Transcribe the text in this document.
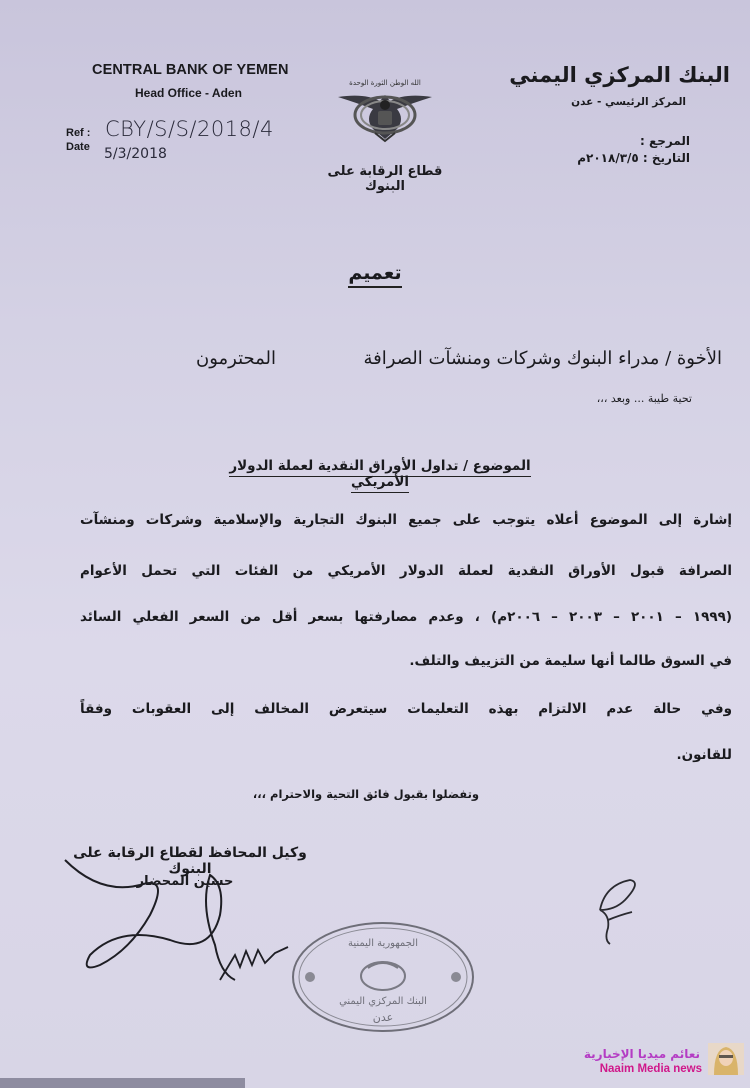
CENTRAL BANK OF YEMEN
Head Office - Aden
Ref :
Date
CBY/S/S/2018/4
5/3/2018
الله الوطن الثورة الوحدة
قطاع الرقابة على البنوك
البنك المركزي اليمني
المركز الرئيسي - عدن
المرجع :
التاريخ : ٢٠١٨/٣/٥م
تعميم
الأخوة / مدراء البنوك وشركات ومنشآت الصرافة
المحترمون
تحية طيبة ... وبعد ،،،
الموضوع / تداول الأوراق النقدية لعملة الدولار الأمريكي
إشارة إلى الموضوع أعلاه يتوجب على جميع البنوك التجارية والإسلامية وشركات ومنشآت
الصرافة قبول الأوراق النقدية لعملة الدولار الأمريكي من الفئات التي تحمل الأعوام
(١٩٩٩ – ٢٠٠١ – ٢٠٠٣ – ٢٠٠٦م) ، وعدم مصارفتها بسعر أقل من السعر الفعلي السائد
في السوق طالما أنها سليمة من التزييف والتلف.
وفي حالة عدم الالتزام بهذه التعليمات سيتعرض المخالف إلى العقوبات وفقاً
للقانون.
وتفضلوا بقبول فائق التحية والاحترام ،،،
وكيل المحافظ لقطاع الرقابة على البنوك
حسين المحضار
الجمهورية اليمنية
البنك المركزي اليمني
عدن
نعائم ميديا الإخبارية
Naaim Media news
